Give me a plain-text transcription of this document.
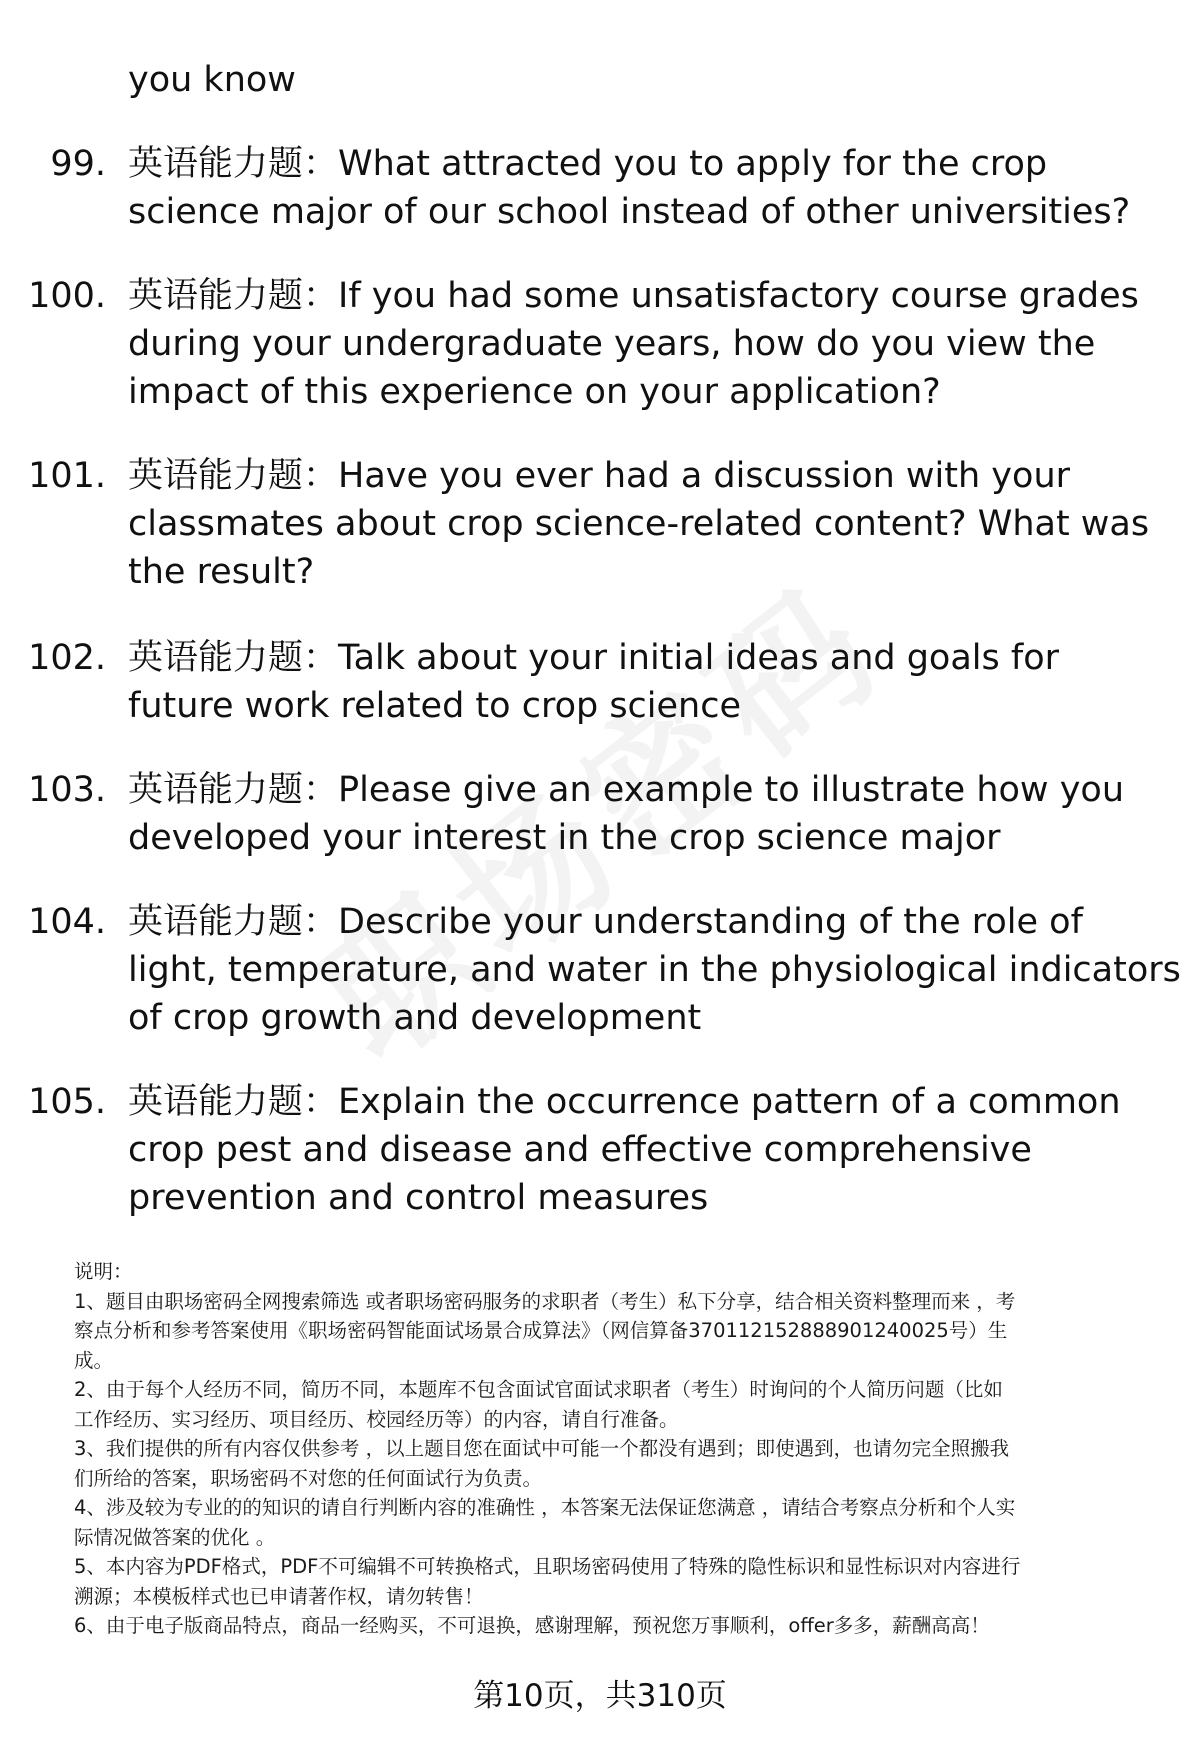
you know
99. 英语能力题：What attracted you to apply for the crop
science major of our school instead of other universities?
100. 英语能力题：If you had some unsatisfactory course grades
during your undergraduate years, how do you view the
impact of this experience on your application?
101. 英语能力题：Have you ever had a discussion with your
classmates about crop science-related content? What was
the result?
102. 英语能力题：Talk about your initial ideas and goals for
future work related to crop science
103. 英语能力题：Please give an example to illustrate how you
developed your interest in the crop science major
104. 英语能力题：Describe your understanding of the role of
light, temperature, and water in the physiological indicators
of crop growth and development
105. 英语能力题：Explain the occurrence pattern of a common
crop pest and disease and effective comprehensive
prevention and control measures
说明：
1、题目由职场密码全网搜索筛选 或者职场密码服务的求职者（考生）私下分享，结合相关资料整理而来 ，考
察点分析和参考答案使用《职场密码智能面试场景合成算法》（网信算备370112152888901240025号）生
成。
2、由于每个人经历不同，简历不同，本题库不包含面试官面试求职者（考生）时询问的个人简历问题（比如
工作经历、实习经历、项目经历、校园经历等）的内容，请自行准备。
3、我们提供的所有内容仅供参考 ，以上题目您在面试中可能一个都没有遇到；即使遇到，也请勿完全照搬我
们所给的答案，职场密码不对您的任何面试行为负责。
4、涉及较为专业的的知识的请自行判断内容的准确性 ，本答案无法保证您满意 ，请结合考察点分析和个人实
际情况做答案的优化 。
5、本内容为PDF格式，PDF不可编辑不可转换格式，且职场密码使用了特殊的隐性标识和显性标识对内容进行
溯源；本模板样式也已申请著作权，请勿转售！
6、由于电子版商品特点，商品一经购买，不可退换，感谢理解，预祝您万事顺利，offer多多，薪酬高高！
第10页，共310页
